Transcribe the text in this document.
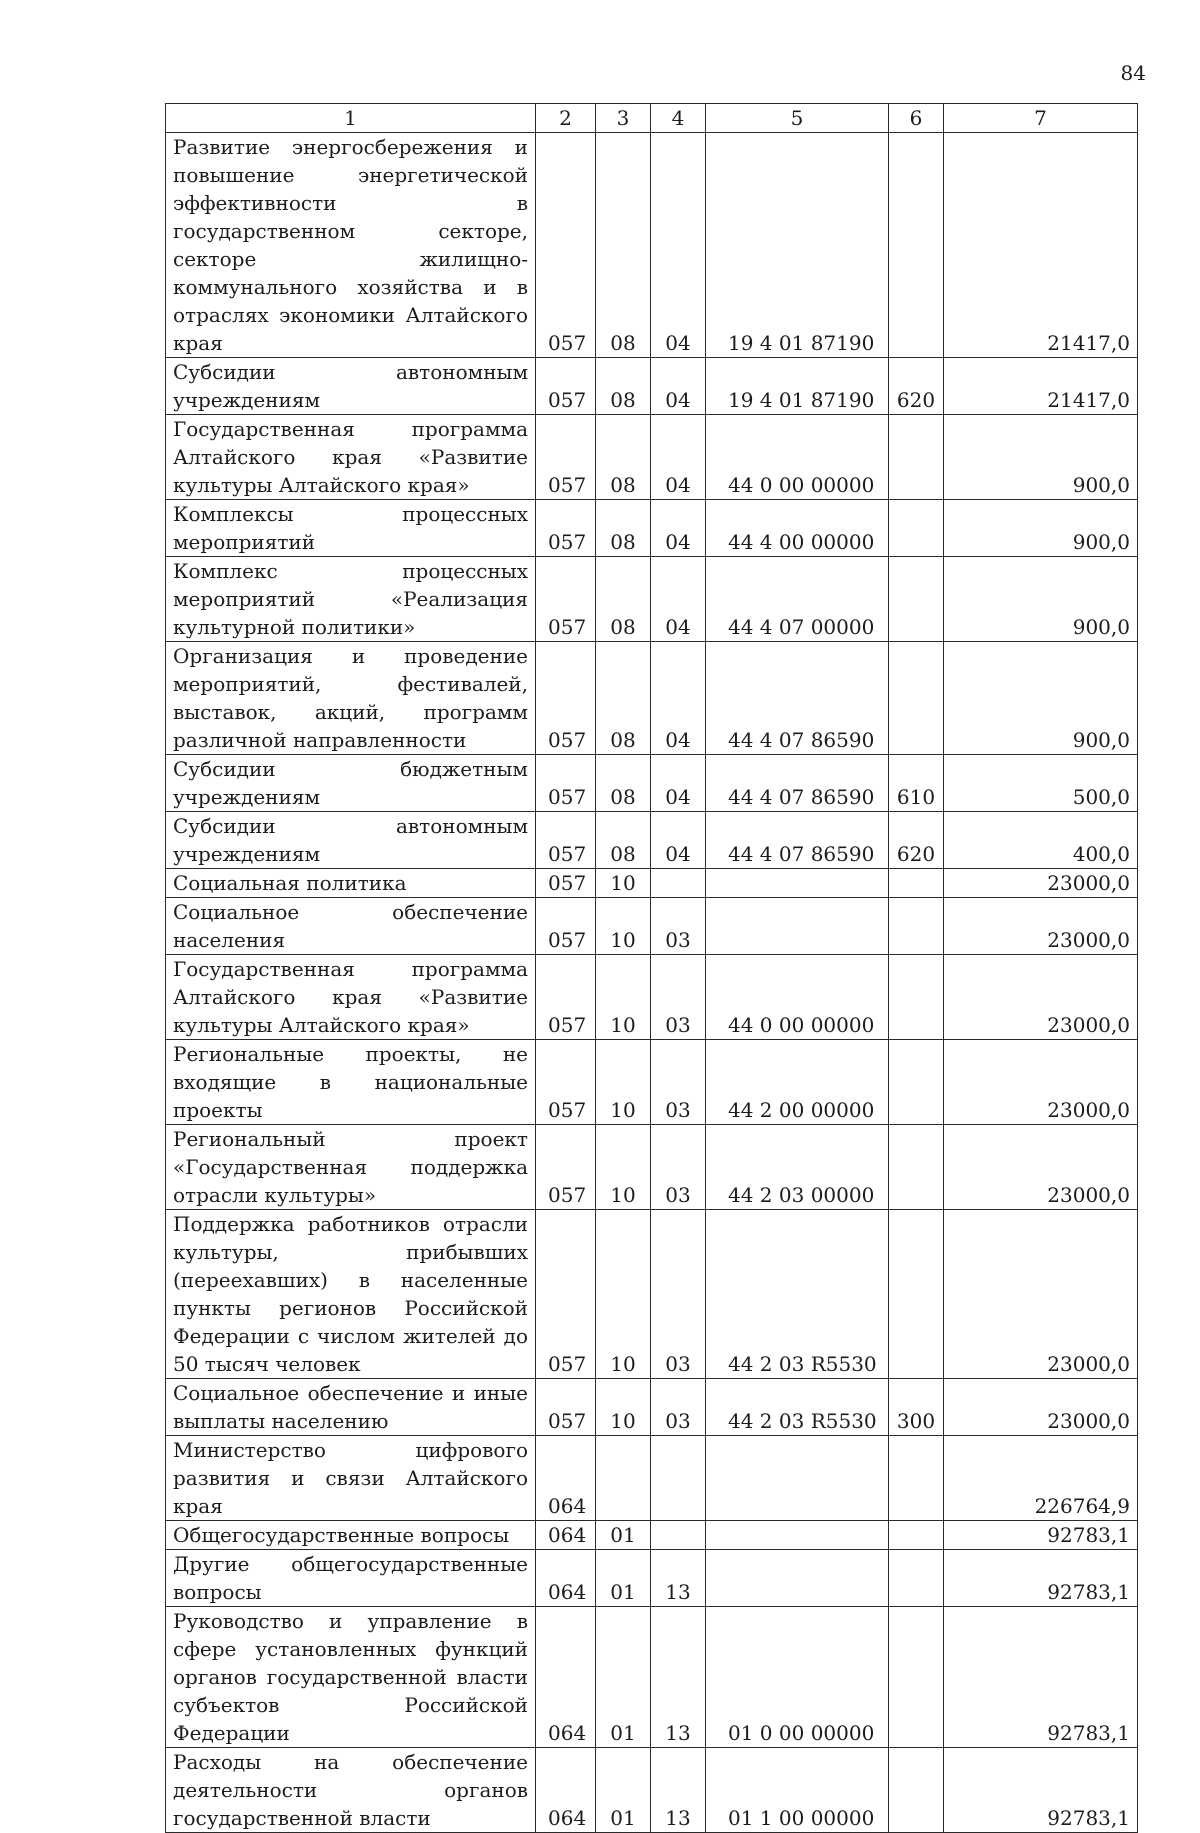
84
1	2	3	4	5	6	7
Развитие энергосбережения и повышение энергетической эффективности в государственном секторе, секторе жилищно-коммунального хозяйства и в отраслях экономики Алтайского края	057	08	04	19 4 01 87190		21417,0
Субсидии автономным учреждениям	057	08	04	19 4 01 87190	620	21417,0
Государственная программа Алтайского края «Развитие культуры Алтайского края»	057	08	04	44 0 00 00000		900,0
Комплексы процессных мероприятий	057	08	04	44 4 00 00000		900,0
Комплекс процессных мероприятий «Реализация культурной политики»	057	08	04	44 4 07 00000		900,0
Организация и проведение мероприятий, фестивалей, выставок, акций, программ различной направленности	057	08	04	44 4 07 86590		900,0
Субсидии бюджетным учреждениям	057	08	04	44 4 07 86590	610	500,0
Субсидии автономным учреждениям	057	08	04	44 4 07 86590	620	400,0
Социальная политика	057	10				23000,0
Социальное обеспечение населения	057	10	03			23000,0
Государственная программа Алтайского края «Развитие культуры Алтайского края»	057	10	03	44 0 00 00000		23000,0
Региональные проекты, не входящие в национальные проекты	057	10	03	44 2 00 00000		23000,0
Региональный проект «Государственная поддержка отрасли культуры»	057	10	03	44 2 03 00000		23000,0
Поддержка работников отрасли культуры, прибывших (переехавших) в населенные пункты регионов Российской Федерации с числом жителей до 50 тысяч человек	057	10	03	44 2 03 R5530		23000,0
Социальное обеспечение и иные выплаты населению	057	10	03	44 2 03 R5530	300	23000,0
Министерство цифрового развития и связи Алтайского края	064					226764,9
Общегосударственные вопросы	064	01				92783,1
Другие общегосударственные вопросы	064	01	13			92783,1
Руководство и управление в сфере установленных функций органов государственной власти субъектов Российской Федерации	064	01	13	01 0 00 00000		92783,1
Расходы на обеспечение деятельности органов государственной власти	064	01	13	01 1 00 00000		92783,1
